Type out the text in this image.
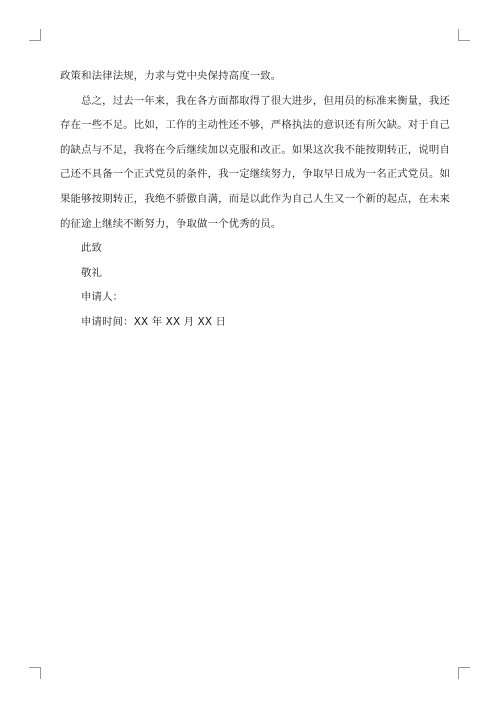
政策和法律法规，力求与党中央保持高度一致。

总之，过去一年来，我在各方面都取得了很大进步，但用员的标准来衡量，我还
存在一些不足。比如，工作的主动性还不够，严格执法的意识还有所欠缺。对于自己
的缺点与不足，我将在今后继续加以克服和改正。如果这次我不能按期转正，说明自
己还不具备一个正式党员的条件，我一定继续努力，争取早日成为一名正式党员。如
果能够按期转正，我绝不骄傲自满，而是以此作为自己人生又一个新的起点，在未来
的征途上继续不断努力，争取做一个优秀的员。

此致

敬礼

申请人：

申请时间：XX 年 XX 月 XX 日
